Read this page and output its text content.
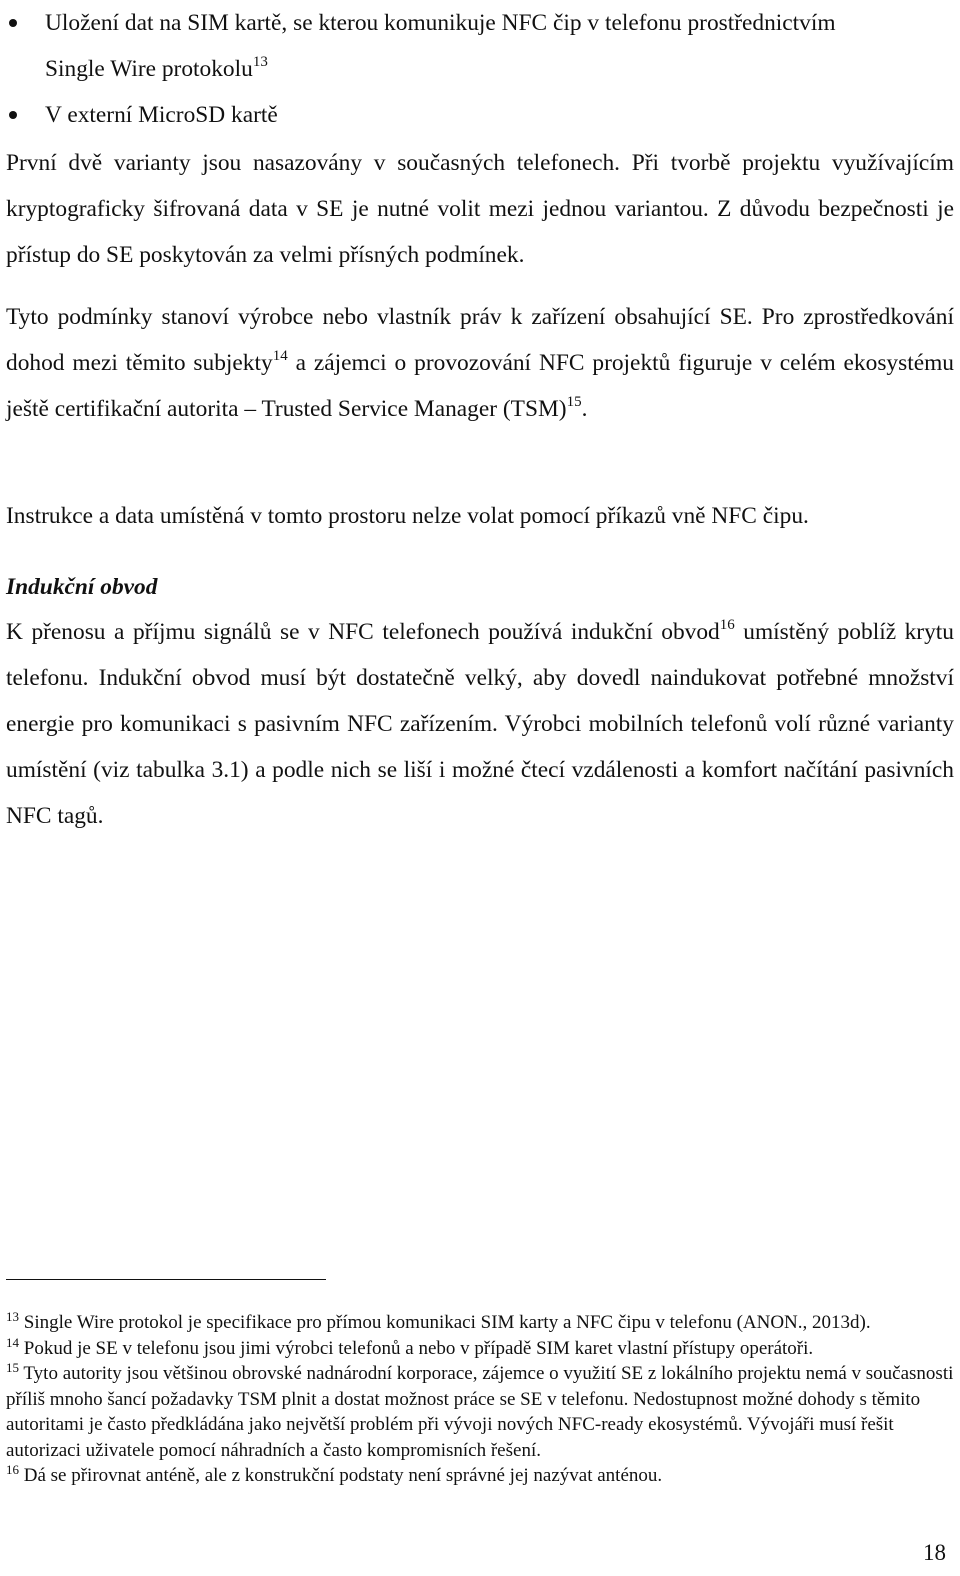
Uložení dat na SIM kartě, se kterou komunikuje NFC čip v telefonu prostřednictvím
Single Wire protokolu$^{13}$
V externí MicroSD kartě
První dvě varianty jsou nasazovány v současných telefonech. Při tvorbě projektu využívajícím kryptograficky šifrovaná data v SE je nutné volit mezi jednou variantou. Z důvodu bezpečnosti je přístup do SE poskytován za velmi přísných podmínek.
Tyto podmínky stanoví výrobce nebo vlastník práv k zařízení obsahující SE. Pro zprostředkování dohod mezi těmito subjekty$^{14}$ a zájemci o provozování NFC projektů figuruje v celém ekosystému ještě certifikační autorita – Trusted Service Manager (TSM)$^{15}$.
Instrukce a data umístěná v tomto prostoru nelze volat pomocí příkazů vně NFC čipu.
Indukční obvod
K přenosu a příjmu signálů se v NFC telefonech používá indukční obvod$^{16}$ umístěný poblíž krytu telefonu. Indukční obvod musí být dostatečně velký, aby dovedl naindukovat potřebné množství energie pro komunikaci s pasivním NFC zařízením. Výrobci mobilních telefonů volí různé varianty umístění (viz tabulka 3.1) a podle nich se liší i možné čtecí vzdálenosti a komfort načítání pasivních NFC tagů.

$^{13}$ Single Wire protokol je specifikace pro přímou komunikaci SIM karty a NFC čipu v telefonu (ANON., 2013d).

$^{14}$ Pokud je SE v telefonu jsou jimi výrobci telefonů a nebo v případě SIM karet vlastní přístupy operátoři.

$^{15}$ Tyto autority jsou většinou obrovské nadnárodní korporace, zájemce o využití SE z lokálního projektu nemá v současnosti příliš mnoho šancí požadavky TSM plnit a dostat možnost práce se SE v telefonu. Nedostupnost možné dohody s těmito autoritami je často předkládána jako největší problém při vývoji nových NFC-ready ekosystémů. Vývojáři musí řešit autorizaci uživatele pomocí náhradních a často kompromisních řešení.

$^{16}$ Dá se přirovnat anténě, ale z konstrukční podstaty není správné jej nazývat anténou.

18
